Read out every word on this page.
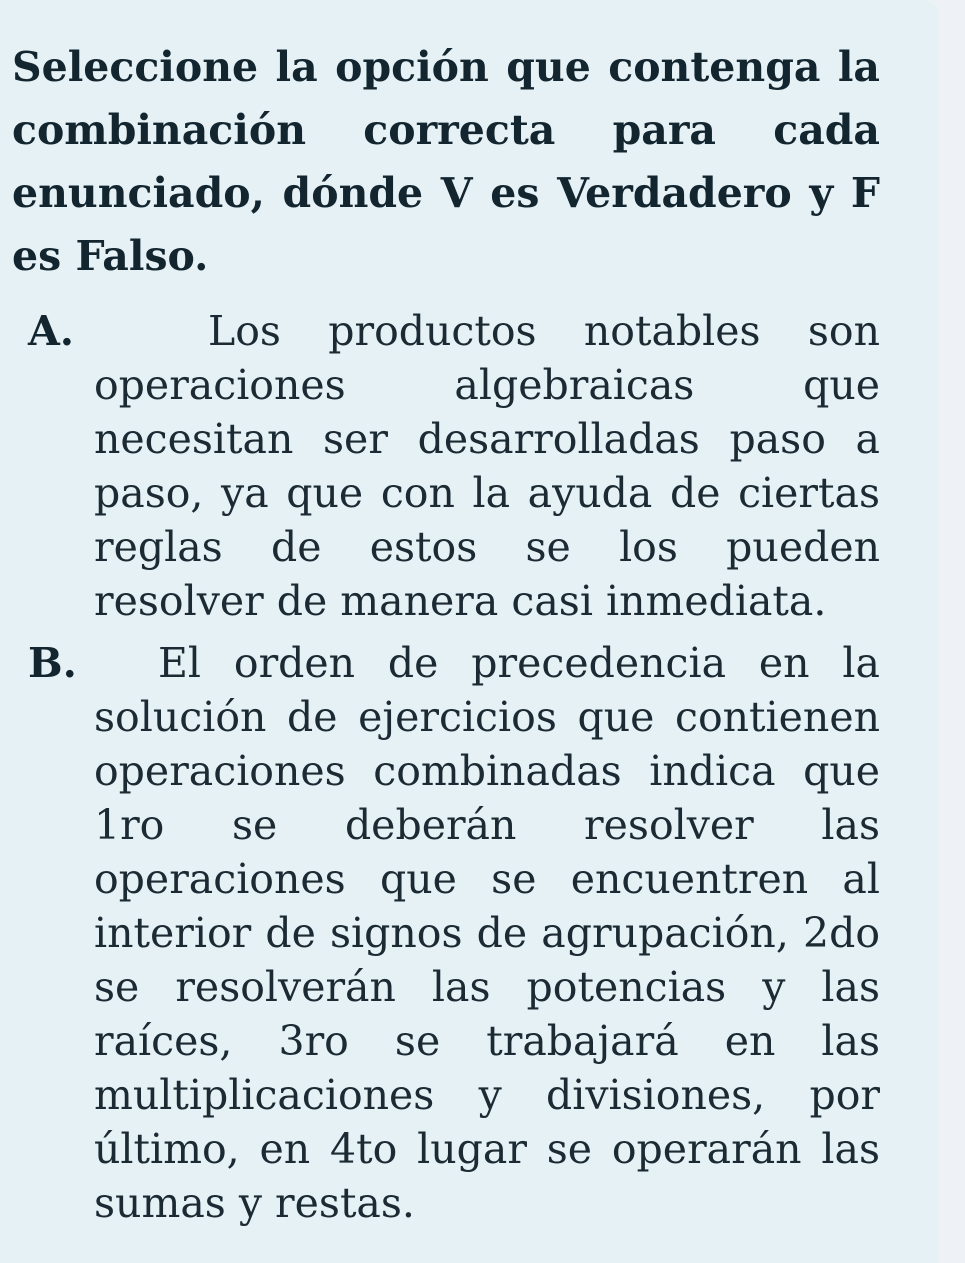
Seleccione la opción que contenga la combinación correcta para cada enunciado, dónde V es Verdadero y F es Falso.

A.	Los productos notables son operaciones algebraicas que necesitan ser desarrolladas paso a paso, ya que con la ayuda de ciertas reglas de estos se los pueden resolver de manera casi inmediata.

B.	El orden de precedencia en la solución de ejercicios que contienen operaciones combinadas indica que 1ro se deberán resolver las operaciones que se encuentren al interior de signos de agrupación, 2do se resolverán las potencias y las raíces, 3ro se trabajará en las multiplicaciones y divisiones, por último, en 4to lugar se operarán las sumas y restas.
